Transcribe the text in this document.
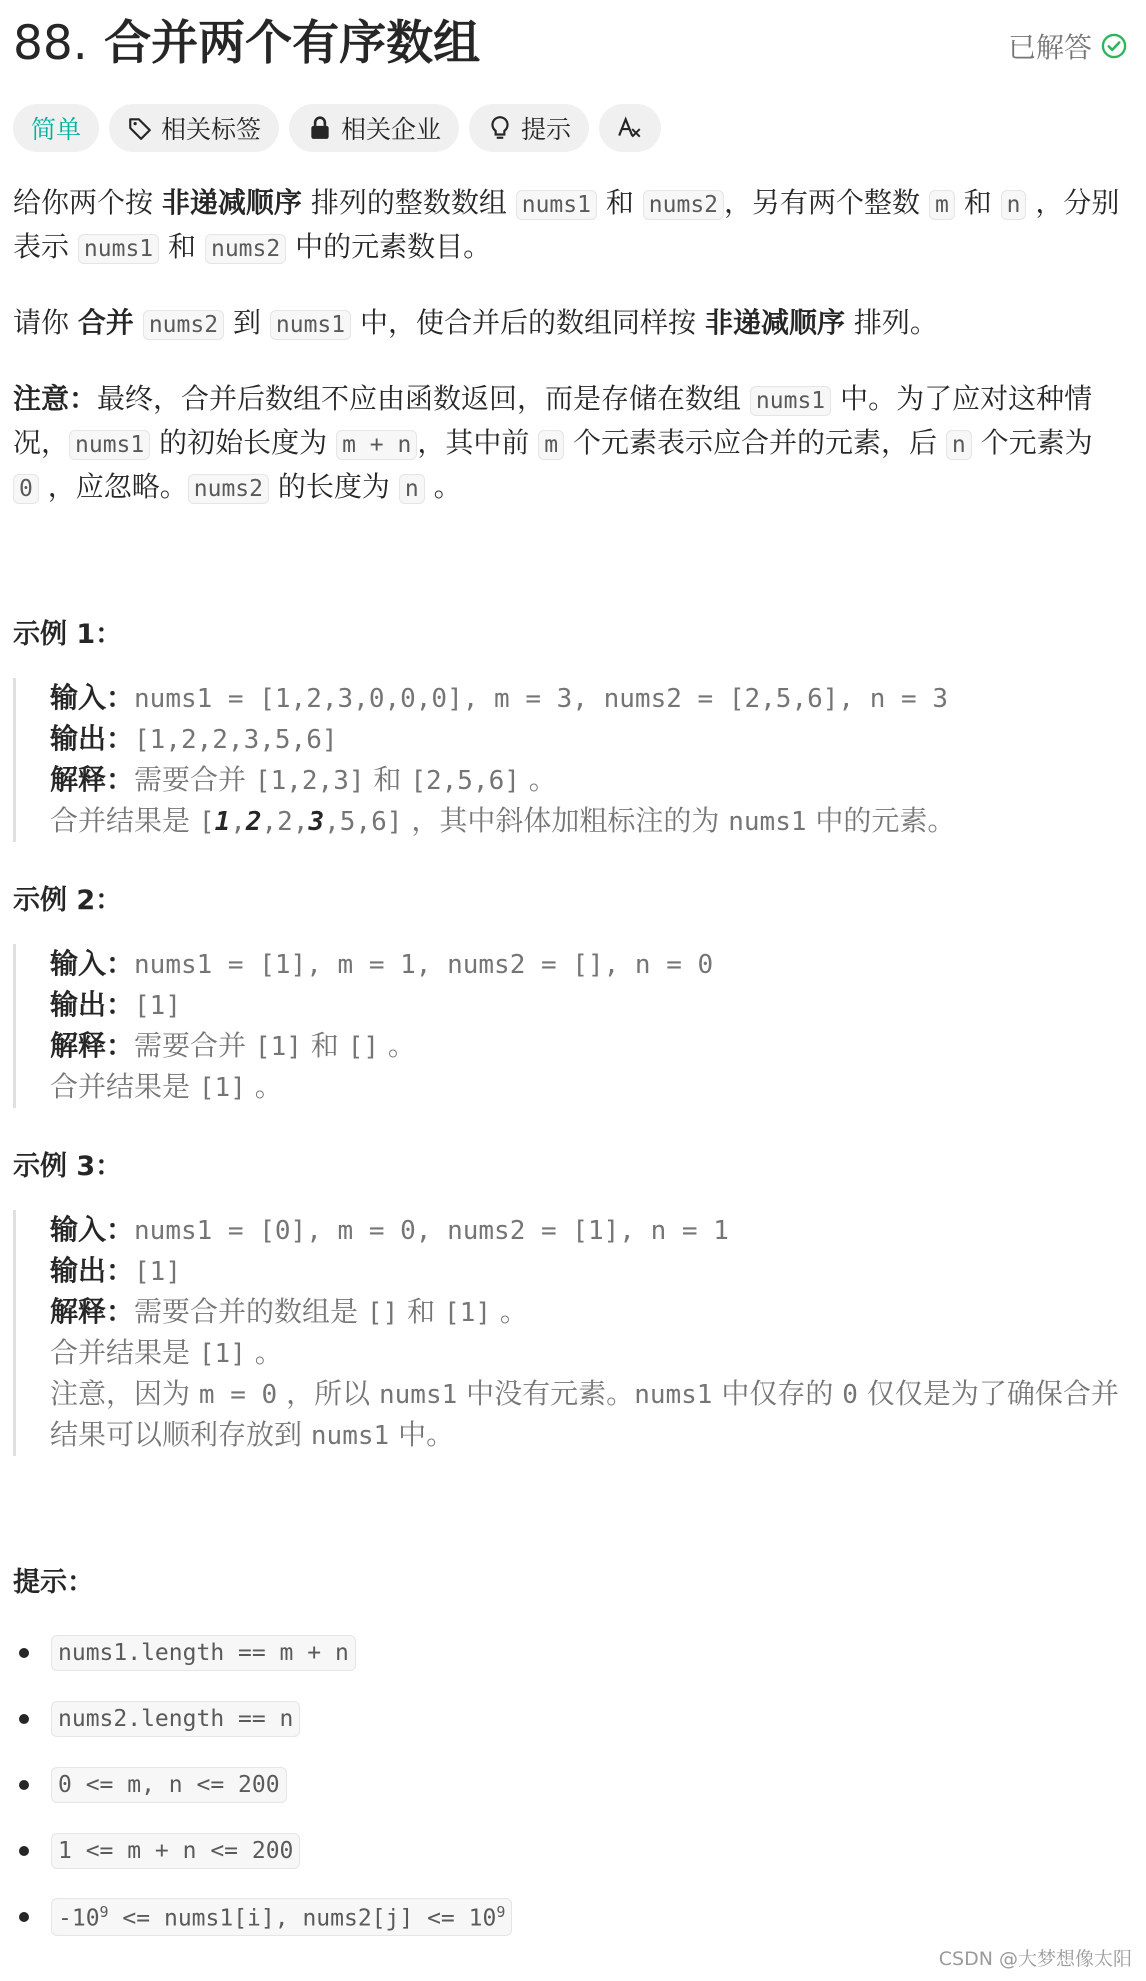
88. 合并两个有序数组	已解答
简单	相关标签	相关企业	提示

给你两个按 非递减顺序 排列的整数数组 nums1 和 nums2 ，另有两个整数 m 和 n ，分别表示 nums1 和 nums2 中的元素数目。

请你 合并 nums2 到 nums1 中，使合并后的数组同样按 非递减顺序 排列。

注意：最终，合并后数组不应由函数返回，而是存储在数组 nums1 中。为了应对这种情况， nums1 的初始长度为 m + n ，其中前 m 个元素表示应合并的元素，后 n 个元素为 0 ，应忽略。 nums2 的长度为 n 。

示例 1：
输入：nums1 = [1,2,3,0,0,0], m = 3, nums2 = [2,5,6], n = 3
输出：[1,2,2,3,5,6]
解释：需要合并 [1,2,3] 和 [2,5,6] 。
合并结果是 [1,2,2,3,5,6] ，其中斜体加粗标注的为 nums1 中的元素。
示例 2：
输入：nums1 = [1], m = 1, nums2 = [], n = 0
输出：[1]
解释：需要合并 [1] 和 [] 。
合并结果是 [1] 。
示例 3：
输入：nums1 = [0], m = 0, nums2 = [1], n = 1
输出：[1]
解释：需要合并的数组是 [] 和 [1] 。
合并结果是 [1] 。
注意，因为 m = 0 ，所以 nums1 中没有元素。nums1 中仅存的 0 仅仅是为了确保合并结果可以顺利存放到 nums1 中。
提示：
nums1.length == m + n
nums2.length == n
0 <= m, n <= 200
1 <= m + n <= 200
$-10^9$ <= nums1[i], nums2[j] <= $10^9$
CSDN @大梦想像太阳
